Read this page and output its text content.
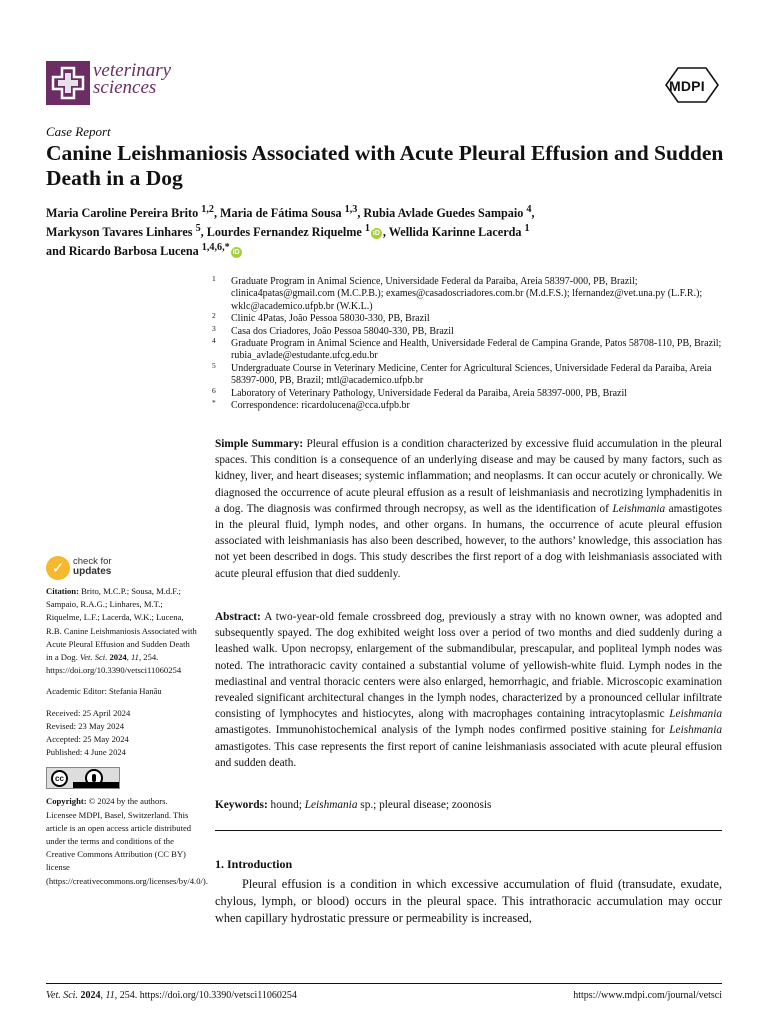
veterinary
sciences	MDPI
Case Report
Canine Leishmaniosis Associated with Acute Pleural Effusion and Sudden Death in a Dog
Maria Caroline Pereira Brito $^{1,2}$, Maria de Fátima Sousa $^{1,3}$, Rubia Avlade Guedes Sampaio $^4$,
Markyson Tavares Linhares $^5$, Lourdes Fernandez Riquelme $^1$ iD , Wellida Karinne Lacerda $^1$
and Ricardo Barbosa Lucena $^{1,4,6,*}$ iD
1 Graduate Program in Animal Science, Universidade Federal da Paraiba, Areia 58397-000, PB, Brazil; clinica4patas@gmail.com (M.C.P.B.); exames@casadoscriadores.com.br (M.d.F.S.); lfernandez@vet.una.py (L.F.R.); wklc@academico.ufpb.br (W.K.L.)
2 Clinic 4Patas, João Pessoa 58030-330, PB, Brazil
3 Casa dos Criadores, João Pessoa 58040-330, PB, Brazil
4 Graduate Program in Animal Science and Health, Universidade Federal de Campina Grande, Patos 58708-110, PB, Brazil; rubia_avlade@estudante.ufcg.edu.br
5 Undergraduate Course in Veterinary Medicine, Center for Agricultural Sciences, Universidade Federal da Paraiba, Areia 58397-000, PB, Brazil; mtl@academico.ufpb.br
6 Laboratory of Veterinary Pathology, Universidade Federal da Paraiba, Areia 58397-000, PB, Brazil
* Correspondence: ricardolucena@cca.ufpb.br
Simple Summary: Pleural effusion is a condition characterized by excessive fluid accumulation in the pleural spaces. This condition is a consequence of an underlying disease and may be caused by many factors, such as kidney, liver, and heart diseases; systemic inflammation; and neoplasms. It can occur acutely or chronically. We diagnosed the occurrence of acute pleural effusion as a result of leishmaniasis and necrotizing lymphadenitis in a dog. The diagnosis was confirmed through necropsy, as well as the identification of Leishmania amastigotes in the pleural fluid, lymph nodes, and other organs. In humans, the occurrence of acute pleural effusion associated with leishmaniasis has also been described, however, to the authors’ knowledge, this association has not yet been described in dogs. This study describes the first report of a dog with leishmaniasis associated with acute pleural effusion that died suddenly.
Abstract: A two-year-old female crossbreed dog, previously a stray with no known owner, was adopted and subsequently spayed. The dog exhibited weight loss over a period of two months and died suddenly during a leashed walk. Upon necropsy, enlargement of the submandibular, prescapular, and popliteal lymph nodes was noted. The intrathoracic cavity contained a substantial volume of yellowish-white fluid. Lymph nodes in the mediastinal and ventral thoracic centers were also enlarged, hemorrhagic, and friable. Microscopic examination revealed significant architectural changes in the lymph nodes, characterized by a pronounced cellular infiltrate consisting of lymphocytes and histiocytes, along with macrophages containing intracytoplasmic Leishmania amastigotes. Immunohistochemical analysis of the lymph nodes confirmed positive staining for Leishmania amastigotes. This case represents the first report of canine leishmaniasis associated with acute pleural effusion and sudden death.
Keywords: hound; Leishmania sp.; pleural disease; zoonosis
1. Introduction

Pleural effusion is a condition in which excessive accumulation of fluid (transudate, exudate, chylous, lymph, or blood) occurs in the pleural space. This intrathoracic accumulation may occur when capillary hydrostatic pressure or permeability is increased,

✓ check for
updates

Citation: Brito, M.C.P.; Sousa, M.d.F.; Sampaio, R.A.G.; Linhares, M.T.; Riquelme, L.F.; Lacerda, W.K.; Lucena, R.B. Canine Leishmaniosis Associated with Acute Pleural Effusion and Sudden Death in a Dog. Vet. Sci. 2024, 11, 254. https://doi.org/10.3390/vetsci11060254

Academic Editor: Stefania Hanău

Received: 25 April 2024
Revised: 23 May 2024
Accepted: 25 May 2024
Published: 4 June 2024

cc

Copyright: © 2024 by the authors. Licensee MDPI, Basel, Switzerland. This article is an open access article distributed under the terms and conditions of the Creative Commons Attribution (CC BY) license (https://creativecommons.org/licenses/by/4.0/).

Vet. Sci. 2024, 11, 254. https://doi.org/10.3390/vetsci11060254	https://www.mdpi.com/journal/vetsci
